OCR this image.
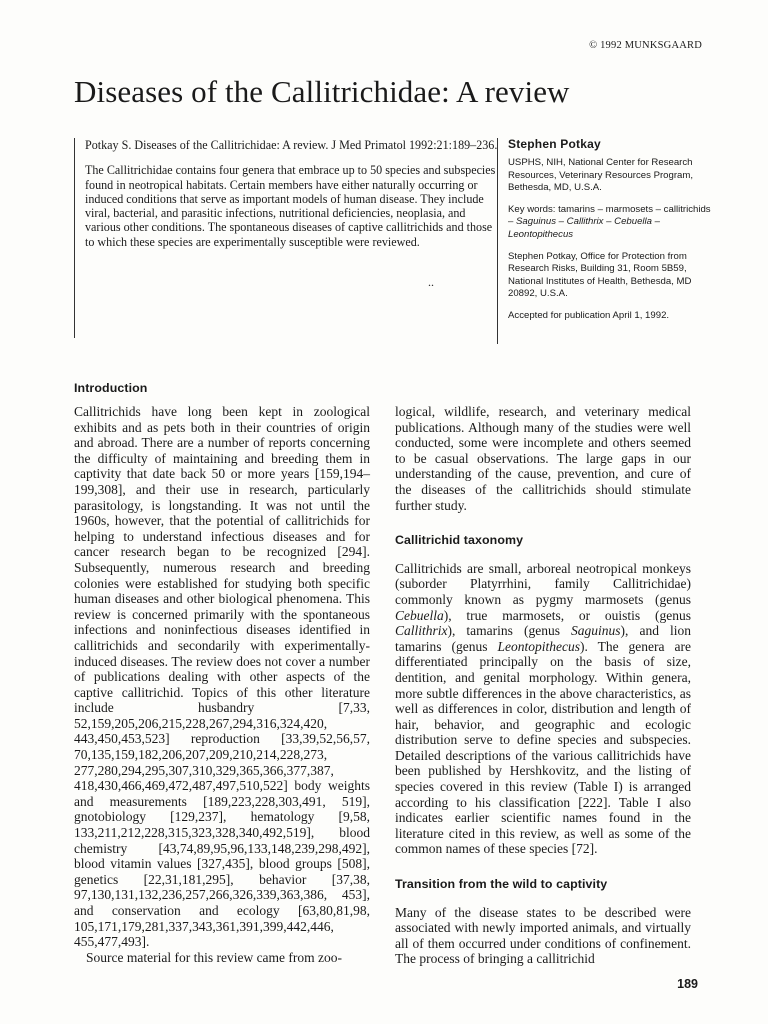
© 1992 MUNKSGAARD
Diseases of the Callitrichidae: A review

Potkay S. Diseases of the Callitrichidae: A review. J Med Primatol 1992:21:189–236.

The Callitrichidae contains four genera that embrace up to 50 species and subspecies found in neotropical habitats. Certain members have either naturally occurring or induced conditions that serve as important models of human disease. They include viral, bacterial, and parasitic infections, nutritional deficiencies, neoplasia, and various other conditions. The spontaneous diseases of captive callitrichids and those to which these species are experimentally susceptible were reviewed.

..

Stephen Potkay

USPHS, NIH, National Center for Research Resources, Veterinary Resources Program, Bethesda, MD, U.S.A.

Key words: tamarins – marmosets – callitrichids – Saguinus – Callithrix – Cebuella – Leontopithecus

Stephen Potkay, Office for Protection from Research Risks, Building 31, Room 5B59, National Institutes of Health, Bethesda, MD 20892, U.S.A.

Accepted for publication April 1, 1992.

Introduction

Callitrichids have long been kept in zoological exhibits and as pets both in their countries of origin and abroad. There are a number of reports concerning the difficulty of maintaining and breeding them in captivity that date back 50 or more years [159,194–199,308], and their use in research, particularly parasitology, is longstanding. It was not until the 1960s, however, that the potential of callitrichids for helping to understand infectious diseases and for cancer research began to be recognized [294]. Subsequently, numerous research and breeding colonies were established for studying both specific human diseases and other biological phenomena. This review is concerned primarily with the spontaneous infections and noninfectious diseases identified in callitrichids and secondarily with experimentally-induced diseases. The review does not cover a number of publications dealing with other aspects of the captive callitrichid. Topics of this other literature include husbandry [7,33, 52,159,205,206,215,228,267,294,316,324,420, 443,450,453,523] reproduction [33,39,52,56,57, 70,135,159,182,206,207,209,210,214,228,273, 277,280,294,295,307,310,329,365,366,377,387, 418,430,466,469,472,487,497,510,522] body weights and measurements [189,223,228,303,491, 519], gnotobiology [129,237], hematology [9,58, 133,211,212,228,315,323,328,340,492,519], blood chemistry [43,74,89,95,96,133,148,239,298,492], blood vitamin values [327,435], blood groups [508], genetics [22,31,181,295], behavior [37,38, 97,130,131,132,236,257,266,326,339,363,386, 453], and conservation and ecology [63,80,81,98, 105,171,179,281,337,343,361,391,399,442,446, 455,477,493].

Source material for this review came from zoo-

logical, wildlife, research, and veterinary medical publications. Although many of the studies were well conducted, some were incomplete and others seemed to be casual observations. The large gaps in our understanding of the cause, prevention, and cure of the diseases of the callitrichids should stimulate further study.

Callitrichid taxonomy

Callitrichids are small, arboreal neotropical monkeys (suborder Platyrrhini, family Callitrichidae) commonly known as pygmy marmosets (genus Cebuella), true marmosets, or ouistis (genus Callithrix), tamarins (genus Saguinus), and lion tamarins (genus Leontopithecus). The genera are differentiated principally on the basis of size, dentition, and genital morphology. Within genera, more subtle differences in the above characteristics, as well as differences in color, distribution and length of hair, behavior, and geographic and ecologic distribution serve to define species and subspecies. Detailed descriptions of the various callitrichids have been published by Hershkovitz, and the listing of species covered in this review (Table I) is arranged according to his classification [222]. Table I also indicates earlier scientific names found in the literature cited in this review, as well as some of the common names of these species [72].

Transition from the wild to captivity

Many of the disease states to be described were associated with newly imported animals, and virtually all of them occurred under conditions of confinement. The process of bringing a callitrichid

189
